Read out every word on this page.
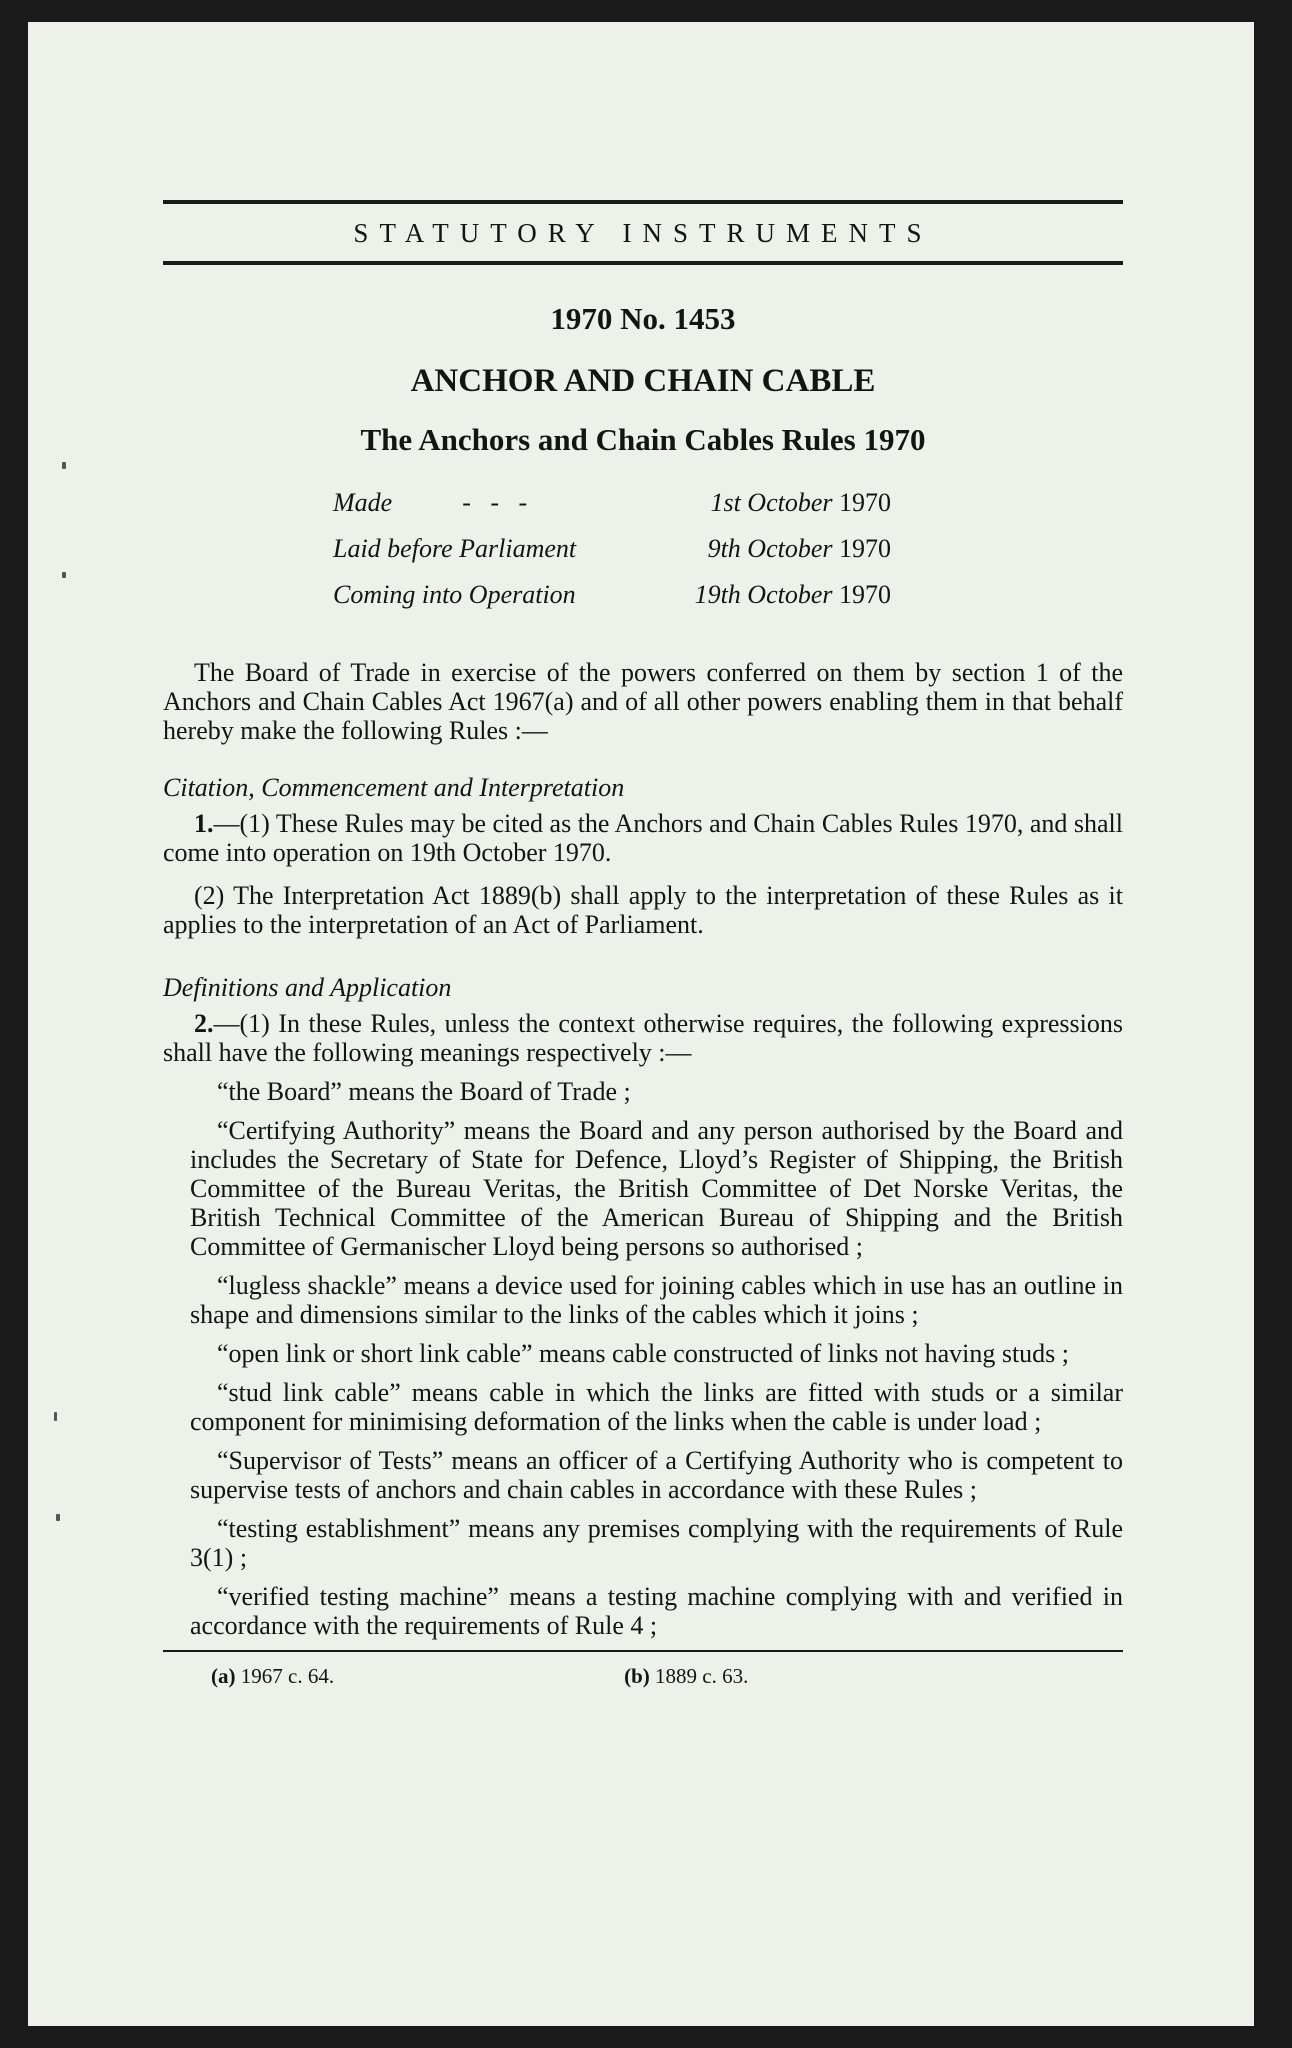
STATUTORY INSTRUMENTS
1970 No. 1453
ANCHOR AND CHAIN CABLE
The Anchors and Chain Cables Rules 1970
Made -   -   -	1st October 1970
Laid before Parliament	9th October 1970
Coming into Operation	19th October 1970

The Board of Trade in exercise of the powers conferred on them by section 1 of the Anchors and Chain Cables Act 1967(a) and of all other powers enabling them in that behalf hereby make the following Rules :—

Citation, Commencement and Interpretation

1.—(1) These Rules may be cited as the Anchors and Chain Cables Rules 1970, and shall come into operation on 19th October 1970.

(2) The Interpretation Act 1889(b) shall apply to the interpretation of these Rules as it applies to the interpretation of an Act of Parliament.

Definitions and Application

2.—(1) In these Rules, unless the context otherwise requires, the following expressions shall have the following meanings respectively :—

“the Board” means the Board of Trade ;

“Certifying Authority” means the Board and any person authorised by the Board and includes the Secretary of State for Defence, Lloyd’s Register of Shipping, the British Committee of the Bureau Veritas, the British Committee of Det Norske Veritas, the British Technical Committee of the American Bureau of Shipping and the British Committee of Germanischer Lloyd being persons so authorised ;

“lugless shackle” means a device used for joining cables which in use has an outline in shape and dimensions similar to the links of the cables which it joins ;

“open link or short link cable” means cable constructed of links not having studs ;

“stud link cable” means cable in which the links are fitted with studs or a similar component for minimising deformation of the links when the cable is under load ;

“Supervisor of Tests” means an officer of a Certifying Authority who is competent to supervise tests of anchors and chain cables in accordance with these Rules ;

“testing establishment” means any premises complying with the requirements of Rule 3(1) ;

“verified testing machine” means a testing machine complying with and verified in accordance with the requirements of Rule 4 ;

(a) 1967 c. 64.	(b) 1889 c. 63.
